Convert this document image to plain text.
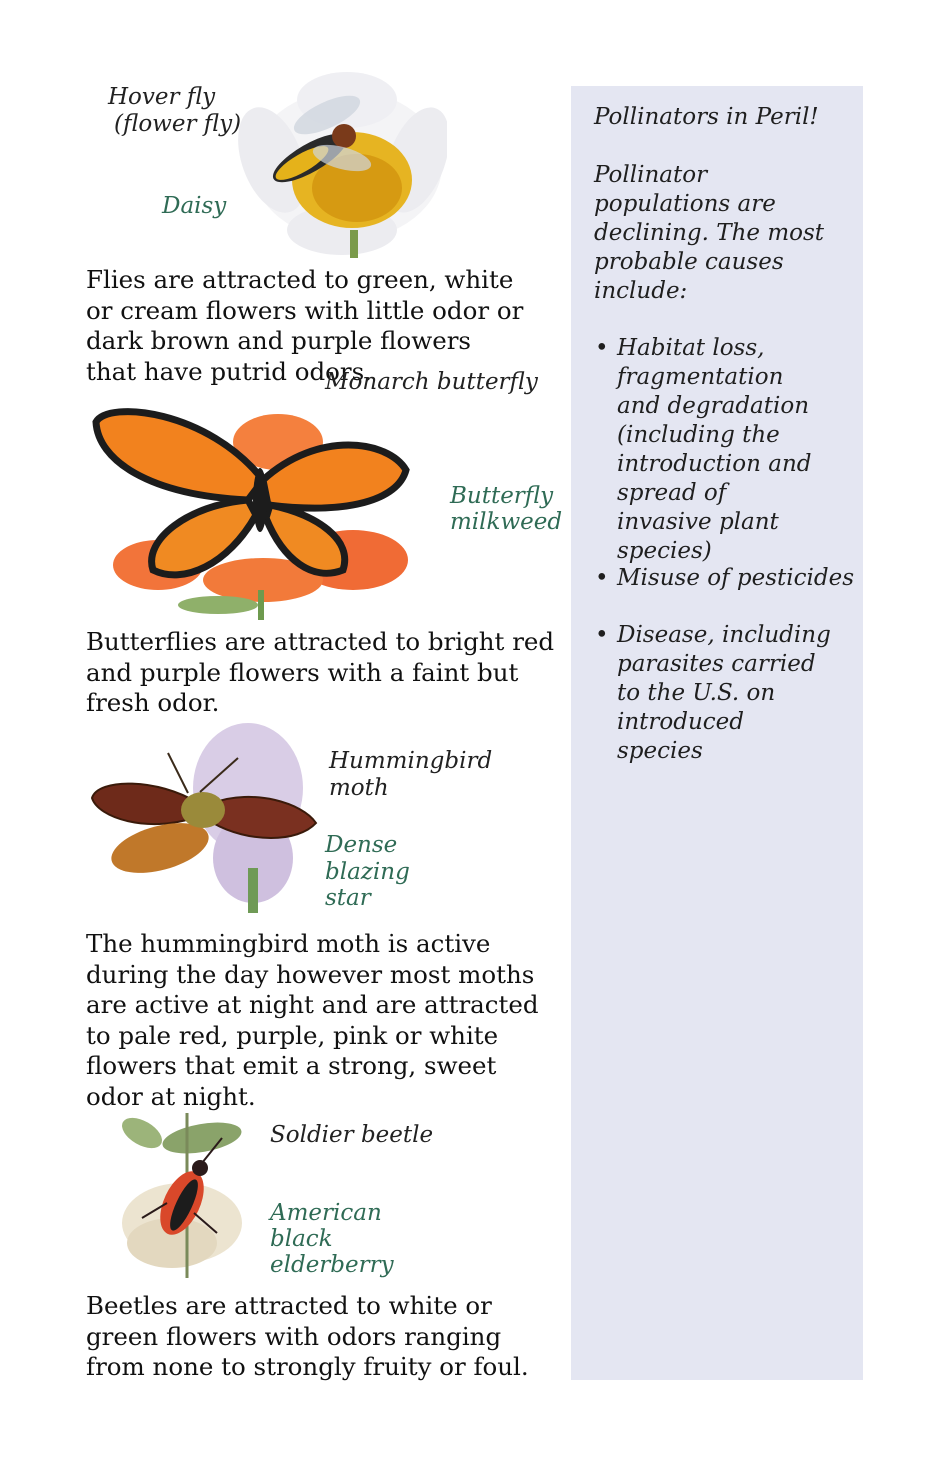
Hover fly
(flower fly)
Daisy
Flies are attracted to green, white or cream flowers with little odor or dark brown and purple flowers that have putrid odors.
Monarch butterfly
Butterfly
milkweed
Butterflies are attracted to bright red and purple flowers with a faint but fresh odor.
Hummingbird
moth
Dense
blazing
star
The hummingbird moth is active during the day however most moths are active at night and are attracted to pale red, purple, pink or white flowers that emit a strong, sweet odor at night.
Soldier beetle
American
black
elderberry
Beetles are attracted to white or green flowers with odors ranging from none to strongly fruity or foul.
Pollinators in Peril!
Pollinator populations are declining. The most probable causes include:
• Habitat loss, fragmentation and degradation (including the introduction and spread of invasive plant species)
• Misuse of pesticides
• Disease, including parasites carried to the U.S. on introduced species
